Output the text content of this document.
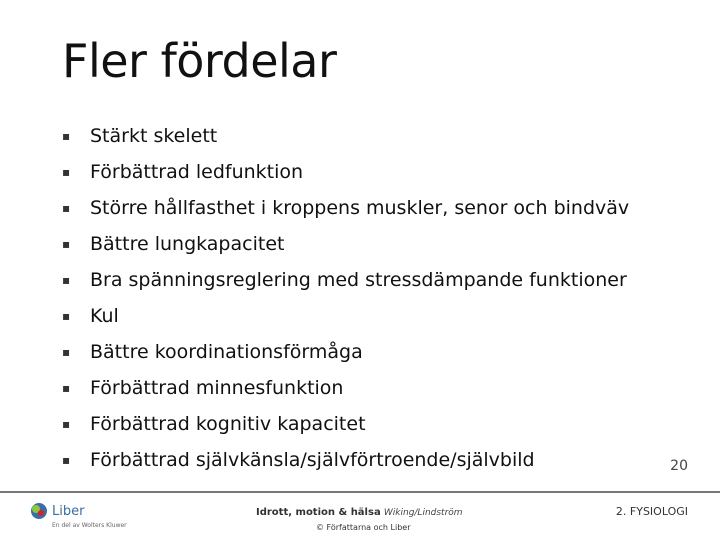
Fler fördelar
▪	Stärkt skelett
▪	Förbättrad ledfunktion
▪	Större hållfasthet i kroppens muskler, senor och bindväv
▪	Bättre lungkapacitet
▪	Bra spänningsreglering med stressdämpande funktioner
▪	Kul
▪	Bättre koordinationsförmåga
▪	Förbättrad minnesfunktion
▪	Förbättrad kognitiv kapacitet
▪	Förbättrad självkänsla/självförtroende/självbild	20
Liber
En del av Wolters Kluwer
Idrott, motion & hälsa Wiking/Lindström
© Författarna och Liber
2. FYSIOLOGI
